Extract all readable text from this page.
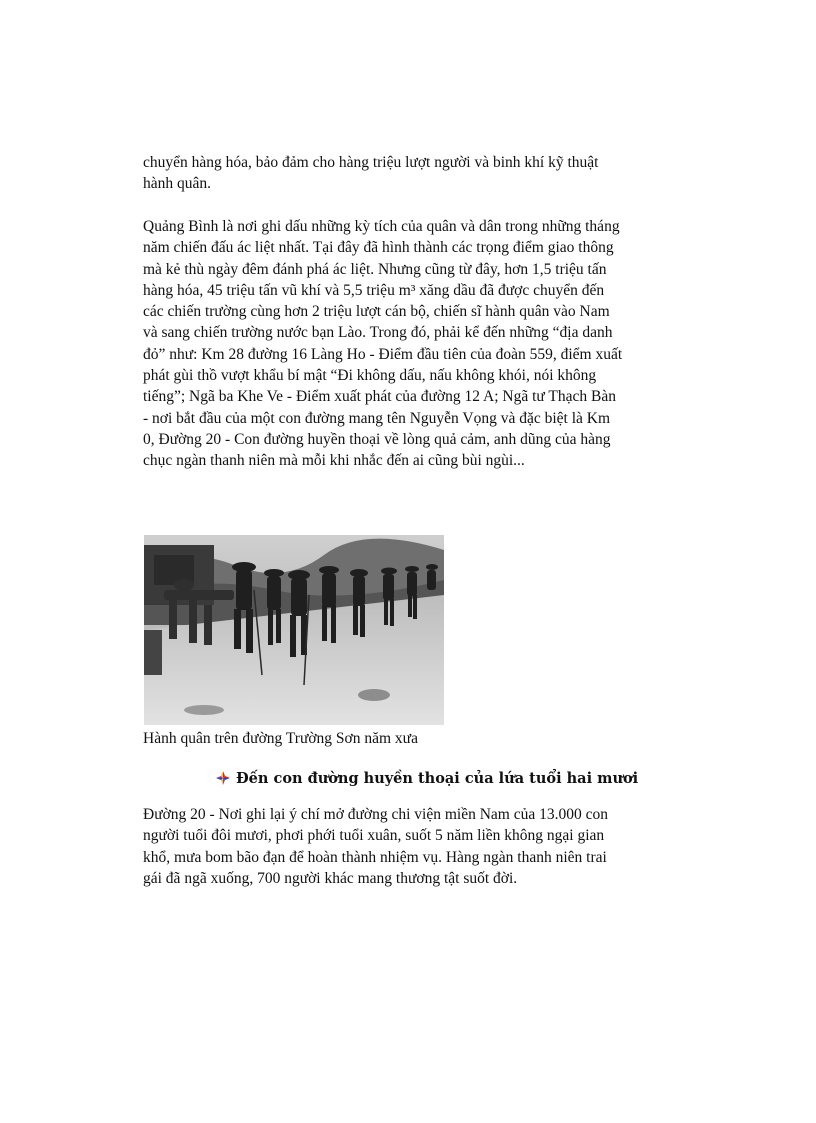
chuyển hàng hóa, bảo đảm cho hàng triệu lượt người và binh khí kỹ thuật hành quân.

Quảng Bình là nơi ghi dấu những kỳ tích của quân và dân trong những tháng năm chiến đấu ác liệt nhất. Tại đây đã hình thành các trọng điểm giao thông mà kẻ thù ngày đêm đánh phá ác liệt. Nhưng cũng từ đây, hơn 1,5 triệu tấn hàng hóa, 45 triệu tấn vũ khí và 5,5 triệu m³ xăng dầu đã được chuyển đến các chiến trường cùng hơn 2 triệu lượt cán bộ, chiến sĩ hành quân vào Nam và sang chiến trường nước bạn Lào. Trong đó, phải kể đến những “địa danh đỏ” như: Km 28 đường 16 Làng Ho - Điểm đầu tiên của đoàn 559, điểm xuất phát gùi thồ vượt khẩu bí mật “Đi không dấu, nấu không khói, nói không tiếng”; Ngã ba Khe Ve - Điểm xuất phát của đường 12 A; Ngã tư Thạch Bàn - nơi bắt đầu của một con đường mang tên Nguyễn Vọng và đặc biệt là Km 0, Đường 20 - Con đường huyền thoại về lòng quả cảm, anh dũng của hàng chục ngàn thanh niên mà mỗi khi nhắc đến ai cũng bùi ngùi...

Hành quân trên đường Trường Sơn năm xưa

Đến con đường huyền thoại của lứa tuổi hai mươi

Đường 20 - Nơi ghi lại ý chí mở đường chi viện miền Nam của 13.000 con người tuổi đôi mươi, phơi phới tuổi xuân, suốt 5 năm liền không ngại gian khổ, mưa bom bão đạn để hoàn thành nhiệm vụ. Hàng ngàn thanh niên trai gái đã ngã xuống, 700 người khác mang thương tật suốt đời.
